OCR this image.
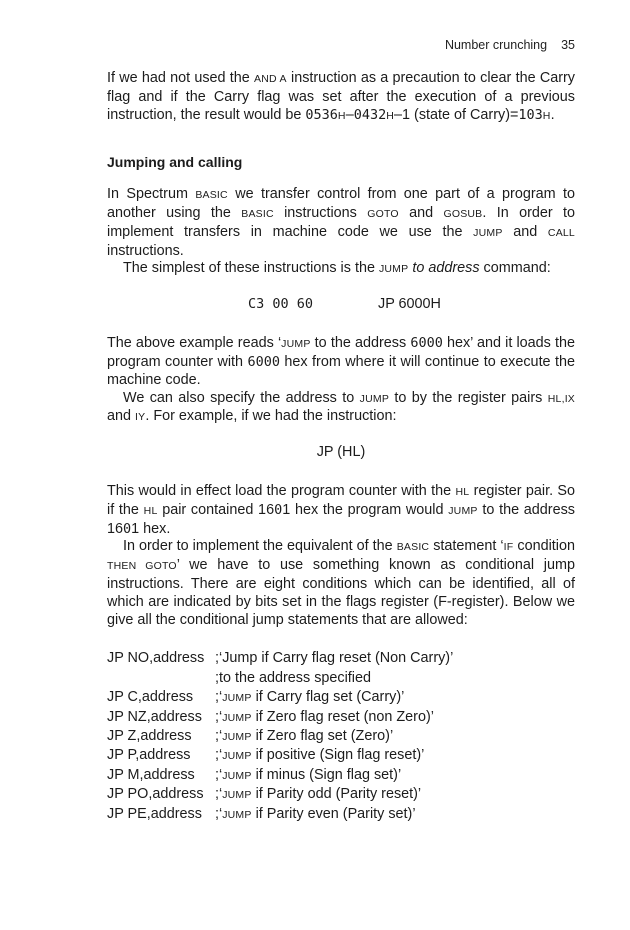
Number crunching 35

If we had not used the AND A instruction as a precaution to clear the Carry flag and if the Carry flag was set after the execution of a previous instruction, the result would be 0536H–0432H–1 (state of Carry)=103H.

Jumping and calling

In Spectrum BASIC we transfer control from one part of a program to another using the BASIC instructions GOTO and GOSUB. In order to implement transfers in machine code we use the JUMP and CALL instructions.

The simplest of these instructions is the JUMP to address command:

C3 00 60	JP 6000H

The above example reads ‘JUMP to the address 6000 hex’ and it loads the program counter with 6000 hex from where it will continue to execute the machine code.

We can also specify the address to JUMP to by the register pairs HL,IX and IY. For example, if we had the instruction:

JP (HL)

This would in effect load the program counter with the HL register pair. So if the HL pair contained 1601 hex the program would JUMP to the address 1601 hex.

In order to implement the equivalent of the BASIC statement ‘IF condition THEN GOTO’ we have to use something known as conditional jump instructions. There are eight conditions which can be identified, all of which are indicated by bits set in the flags register (F-register). Below we give all the conditional jump statements that are allowed:

JP NO,address	;‘Jump if Carry flag reset (Non Carry)’
	;to the address specified
JP C,address	;‘JUMP if Carry flag set (Carry)’
JP NZ,address	;‘JUMP if Zero flag reset (non Zero)’
JP Z,address	;‘JUMP if Zero flag set (Zero)’
JP P,address	;‘JUMP if positive (Sign flag reset)’
JP M,address	;‘JUMP if minus (Sign flag set)’
JP PO,address	;‘JUMP if Parity odd (Parity reset)’
JP PE,address	;‘JUMP if Parity even (Parity set)’
